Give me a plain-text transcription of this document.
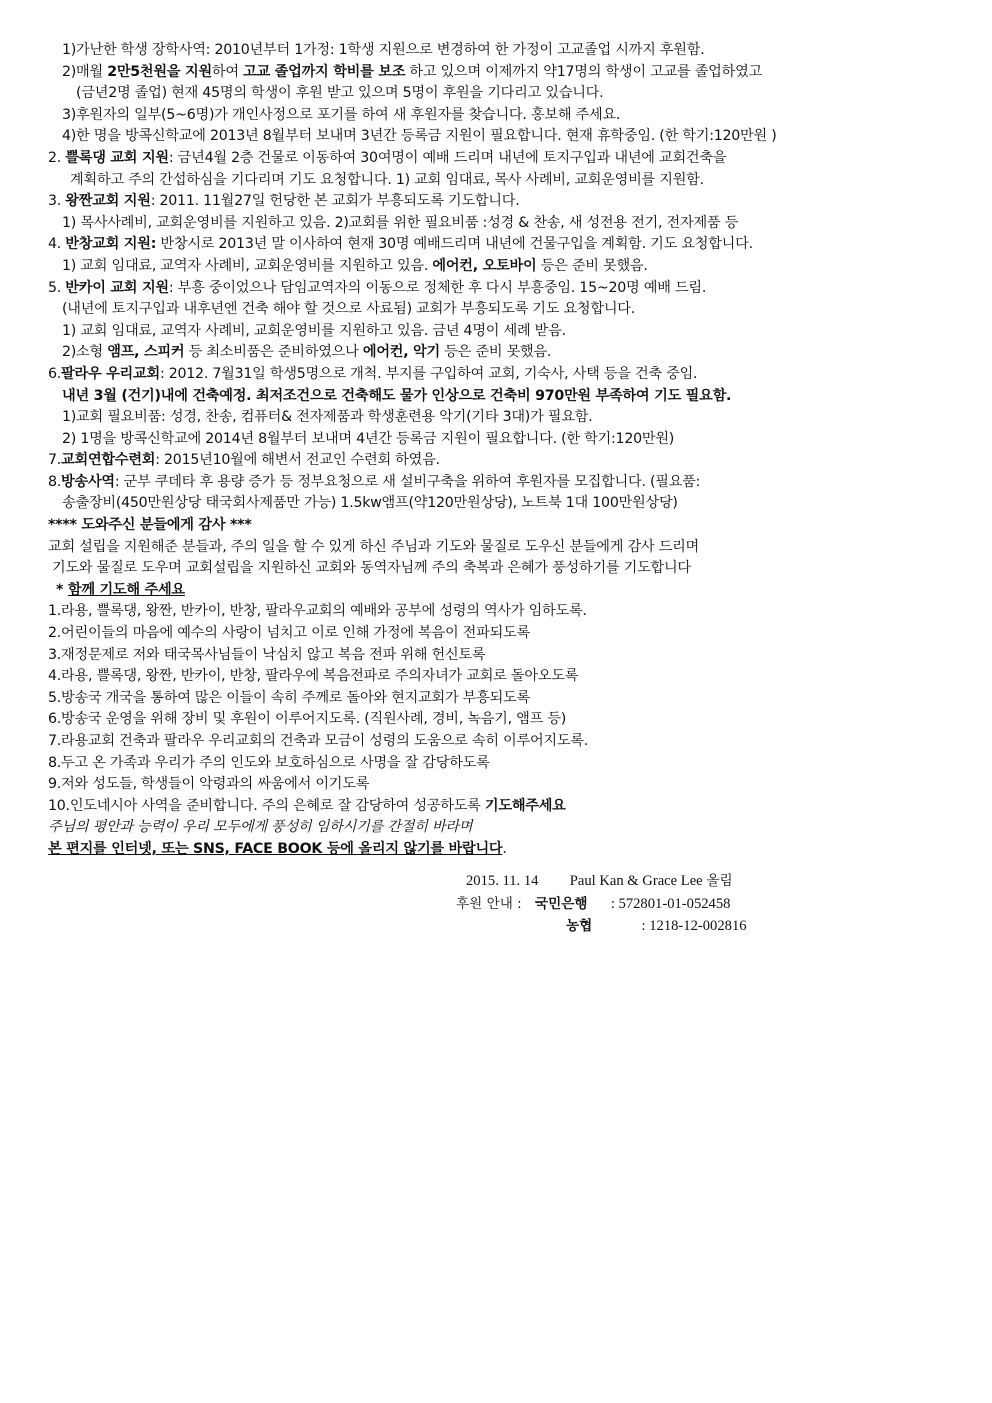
1)가난한 학생 장학사역: 2010년부터 1가정: 1학생 지원으로 변경하여 한 가정이 고교졸업 시까지 후원함.
2)매월 2만5천원을 지원하여 고교 졸업까지 학비를 보조 하고 있으며 이제까지 약17명의 학생이 고교를 졸업하였고
(금년2명 졸업) 현재 45명의 학생이 후원 받고 있으며 5명이 후원을 기다리고 있습니다.
3)후원자의 일부(5~6명)가 개인사정으로 포기를 하여 새 후원자를 찾습니다. 홍보해 주세요.
4)한 명을 방콕신학교에 2013년 8월부터 보내며 3년간 등록금 지원이 필요합니다. 현재 휴학중임. (한 학기:120만원 )
2. 쁠록댕 교회 지원: 금년4월 2층 건물로 이동하여 30여명이 예배 드리며 내년에 토지구입과 내년에 교회건축을
계획하고 주의 간섭하심을 기다리며 기도 요청합니다. 1) 교회 임대료, 목사 사례비, 교회운영비를 지원함.
3. 왕짠교회 지원: 2011. 11월27일 헌당한 본 교회가 부흥되도록 기도합니다.
1) 목사사례비, 교회운영비를 지원하고 있음. 2)교회를 위한 필요비품 :성경 & 찬송, 새 성전용 전기, 전자제품 등
4. 반창교회 지원: 반창시로 2013년 말 이사하여 현재 30명 예배드리며 내년에 건물구입을 계획함. 기도 요청합니다.
1) 교회 임대료, 교역자 사례비, 교회운영비를 지원하고 있음. 에어컨, 오토바이 등은 준비 못했음.
5. 반카이 교회 지원: 부흥 중이었으나 담임교역자의 이동으로 정체한 후 다시 부흥중임. 15~20명 예배 드림.
(내년에 토지구입과 내후년엔 건축 해야 할 것으로 사료됨) 교회가 부흥되도록 기도 요청합니다.
1) 교회 임대료, 교역자 사례비, 교회운영비를 지원하고 있음. 금년 4명이 세례 받음.
2)소형 앰프, 스피커 등 최소비품은 준비하였으나 에어컨, 악기 등은 준비 못했음.
6.팔라우 우리교회: 2012. 7월31일 학생5명으로 개척. 부지를 구입하여 교회, 기숙사, 사택 등을 건축 중임.
내년 3월 (건기)내에 건축예정. 최저조건으로 건축해도 물가 인상으로 건축비 970만원 부족하여 기도 필요함.
1)교회 필요비품: 성경, 찬송, 컴퓨터& 전자제품과 학생훈련용 악기(기타 3대)가 필요함.
2) 1명을 방콕신학교에 2014년 8월부터 보내며 4년간 등록금 지원이 필요합니다. (한 학기:120만원)
7.교회연합수련회: 2015년10월에 해변서 전교인 수련회 하였음.
8.방송사역: 군부 쿠데타 후 용량 증가 등 정부요청으로 새 설비구축을 위하여 후원자를 모집합니다. (필요품:
송출장비(450만원상당 태국회사제품만 가능) 1.5kw앰프(약120만원상당), 노트북 1대 100만원상당)
**** 도와주신 분들에게 감사 ***
교회 설립을 지원해준 분들과, 주의 일을 할 수 있게 하신 주님과 기도와 물질로 도우신 분들에게 감사 드리며
기도와 물질로 도우며 교회설립을 지원하신 교회와 동역자님께 주의 축복과 은혜가 풍성하기를 기도합니다
* 함께 기도해 주세요
1.라용, 쁠록댕, 왕짠, 반카이, 반창, 팔라우교회의 예배와 공부에 성령의 역사가 임하도록.
2.어린이들의 마음에 예수의 사랑이 넘치고 이로 인해 가정에 복음이 전파되도록
3.재정문제로 저와 태국목사님들이 낙심치 않고 복음 전파 위해 헌신토록
4.라용, 쁠록댕, 왕짠, 반카이, 반창, 팔라우에 복음전파로 주의자녀가 교회로 돌아오도록
5.방송국 개국을 통하여 많은 이들이 속히 주께로 돌아와 현지교회가 부흥되도록
6.방송국 운영을 위해 장비 및 후원이 이루어지도록. (직원사례, 경비, 녹음기, 앰프 등)
7.라용교회 건축과 팔라우 우리교회의 건축과 모금이 성령의 도움으로 속히 이루어지도록.
8.두고 온 가족과 우리가 주의 인도와 보호하심으로 사명을 잘 감당하도록
9.저와 성도들, 학생들이 악령과의 싸움에서 이기도록
10.인도네시아 사역을 준비합니다. 주의 은혜로 잘 감당하여 성공하도록 기도해주세요
주님의 평안과 능력이 우리 모두에게 풍성히 임하시기를 간절히 바라며
본 편지를 인터넷, 또는 SNS, FACE BOOK 등에 올리지 않기를 바랍니다.
2015. 11. 14 Paul Kan & Grace Lee 올림
후원 안내 : 국민은행 : 572801-01-052458
농협	: 1218-12-002816
